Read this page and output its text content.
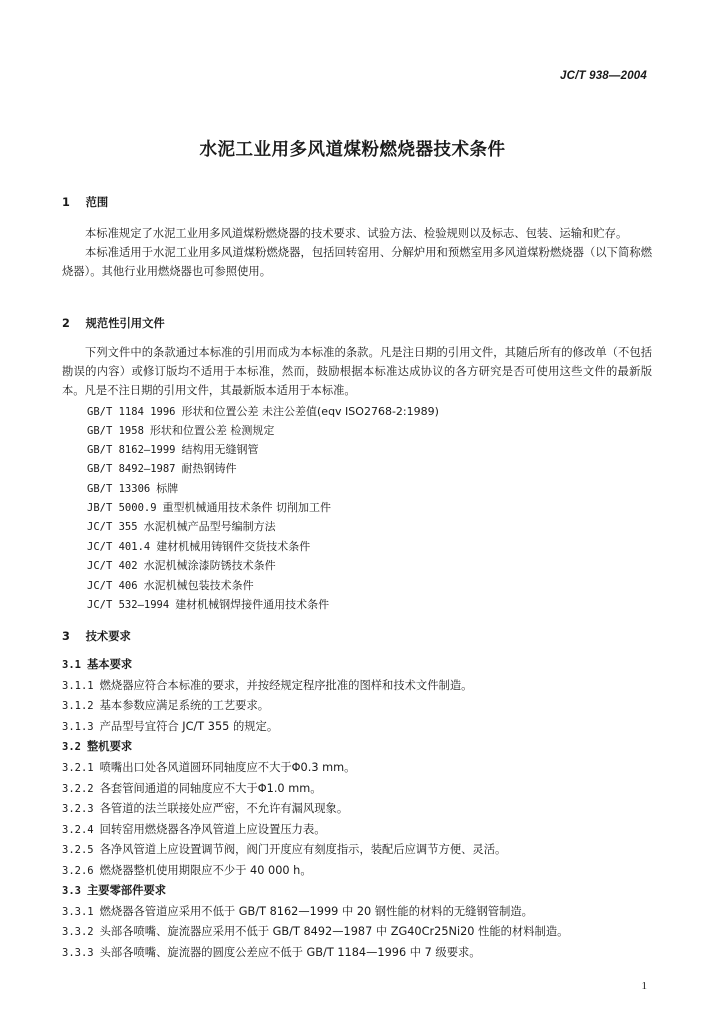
JC/T 938—2004
水泥工业用多风道煤粉燃烧器技术条件
1 范围

本标准规定了水泥工业用多风道煤粉燃烧器的技术要求、试验方法、检验规则以及标志、包装、运输和贮存。

本标准适用于水泥工业用多风道煤粉燃烧器，包括回转窑用、分解炉用和预燃室用多风道煤粉燃烧器（以下简称燃烧器）。其他行业用燃烧器也可参照使用。

2 规范性引用文件

下列文件中的条款通过本标准的引用而成为本标准的条款。凡是注日期的引用文件，其随后所有的修改单（不包括勘误的内容）或修订版均不适用于本标准，然而，鼓励根据本标准达成协议的各方研究是否可使用这些文件的最新版本。凡是不注日期的引用文件，其最新版本适用于本标准。

GB/T 1184 1996 形状和位置公差 未注公差值(eqv ISO2768-2:1989)
GB/T 1958 形状和位置公差 检测规定
GB/T 8162—1999 结构用无缝钢管
GB/T 8492—1987 耐热钢铸件
GB/T 13306 标牌
JB/T 5000.9 重型机械通用技术条件 切削加工件
JC/T 355 水泥机械产品型号编制方法
JC/T 401.4 建材机械用铸钢件交货技术条件
JC/T 402 水泥机械涂漆防锈技术条件
JC/T 406 水泥机械包装技术条件
JC/T 532—1994 建材机械钢焊接件通用技术条件
3 技术要求
3.1 基本要求
3.1.1 燃烧器应符合本标准的要求，并按经规定程序批准的图样和技术文件制造。
3.1.2 基本参数应满足系统的工艺要求。
3.1.3 产品型号宜符合 JC/T 355 的规定。
3.2 整机要求
3.2.1 喷嘴出口处各风道圆环同轴度应不大于Φ0.3 mm。
3.2.2 各套管间通道的同轴度应不大于Φ1.0 mm。
3.2.3 各管道的法兰联接处应严密，不允许有漏风现象。
3.2.4 回转窑用燃烧器各净风管道上应设置压力表。
3.2.5 各净风管道上应设置调节阀，阀门开度应有刻度指示，装配后应调节方便、灵活。
3.2.6 燃烧器整机使用期限应不少于 40 000 h。
3.3 主要零部件要求
3.3.1 燃烧器各管道应采用不低于 GB/T 8162—1999 中 20 钢性能的材料的无缝钢管制造。
3.3.2 头部各喷嘴、旋流器应采用不低于 GB/T 8492—1987 中 ZG40Cr25Ni20 性能的材料制造。
3.3.3 头部各喷嘴、旋流器的圆度公差应不低于 GB/T 1184—1996 中 7 级要求。
1
